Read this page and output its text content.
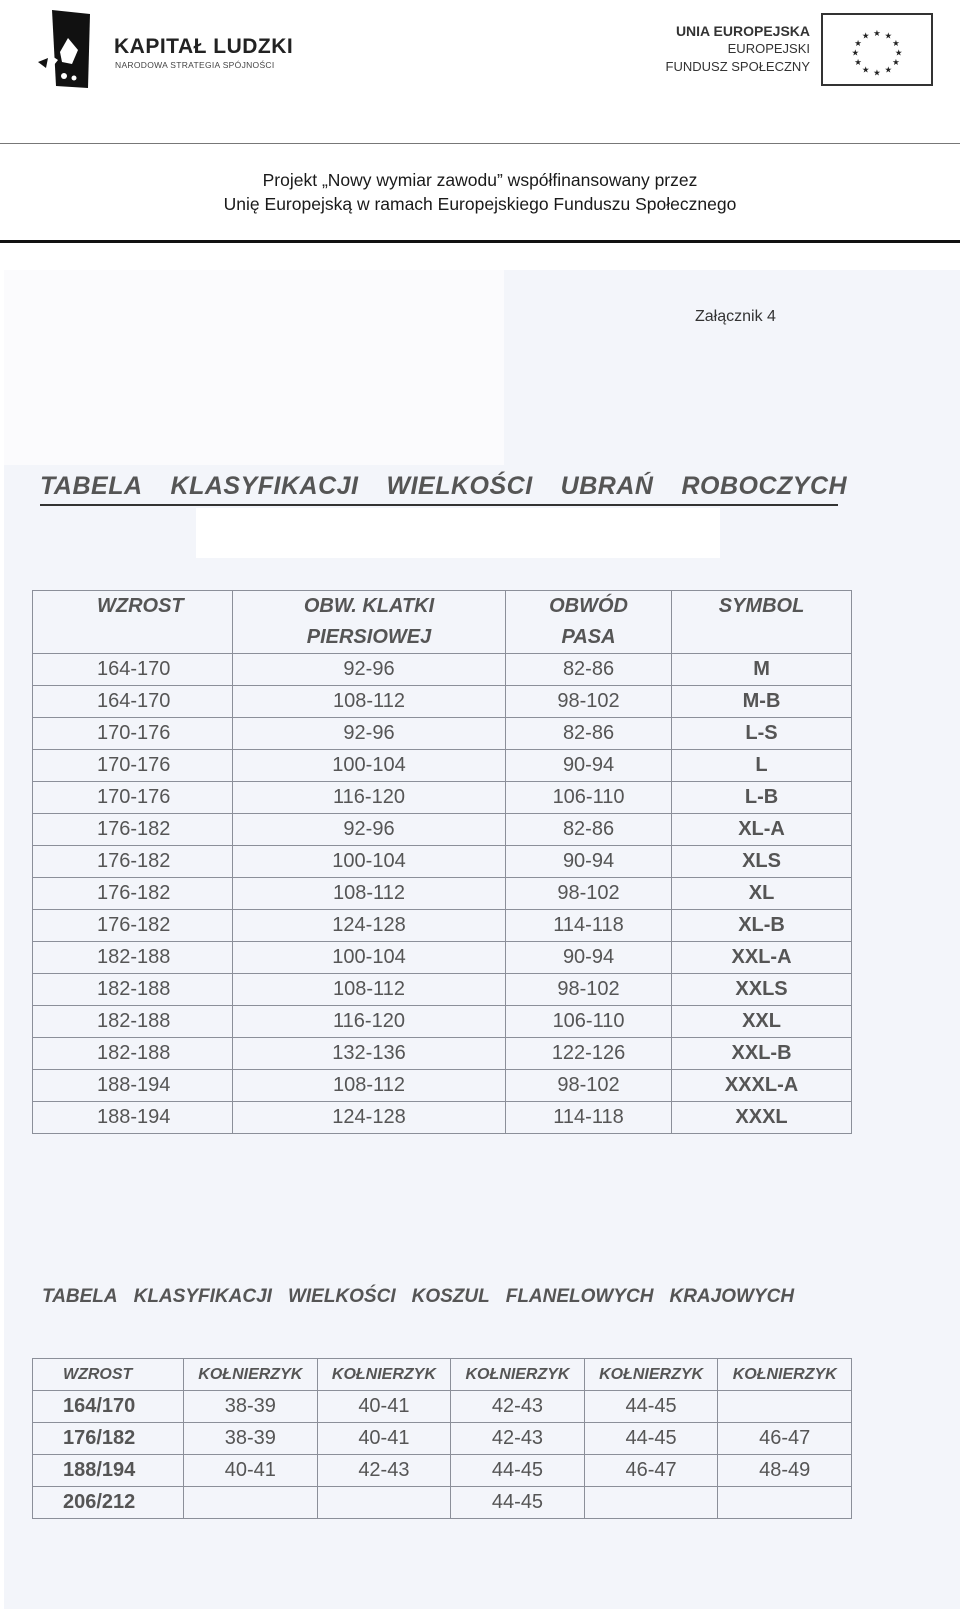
KAPITAŁ LUDZKI
NARODOWA STRATEGIA SPÓJNOŚCI
UNIA EUROPEJSKA
EUROPEJSKI
FUNDUSZ SPOŁECZNY
★ ★
★
★
★
★
★
★
★
★
★
★
Projekt „Nowy wymiar zawodu” współfinansowany przez
Unię Europejską w ramach Europejskiego Funduszu Społecznego
Załącznik 4
TABELA KLASYFIKACJI WIELKOŚCI UBRAŃ ROBOCZYCH
WZROST	OBW. KLATKI	OBWÓD	SYMBOL
	PIERSIOWEJ	PASA	
164-170	92-96	82-86	M
164-170	108-112	98-102	M-B
170-176	92-96	82-86	L-S
170-176	100-104	90-94	L
170-176	116-120	106-110	L-B
176-182	92-96	82-86	XL-A
176-182	100-104	90-94	XLS
176-182	108-112	98-102	XL
176-182	124-128	114-118	XL-B
182-188	100-104	90-94	XXL-A
182-188	108-112	98-102	XXLS
182-188	116-120	106-110	XXL
182-188	132-136	122-126	XXL-B
188-194	108-112	98-102	XXXL-A
188-194	124-128	114-118	XXXL
TABELA KLASYFIKACJI WIELKOŚCI KOSZUL FLANELOWYCH KRAJOWYCH
WZROST	KOŁNIERZYK	KOŁNIERZYK	KOŁNIERZYK	KOŁNIERZYK	KOŁNIERZYK
164/170	38-39	40-41	42-43	44-45	
176/182	38-39	40-41	42-43	44-45	46-47
188/194	40-41	42-43	44-45	46-47	48-49
206/212			44-45		
